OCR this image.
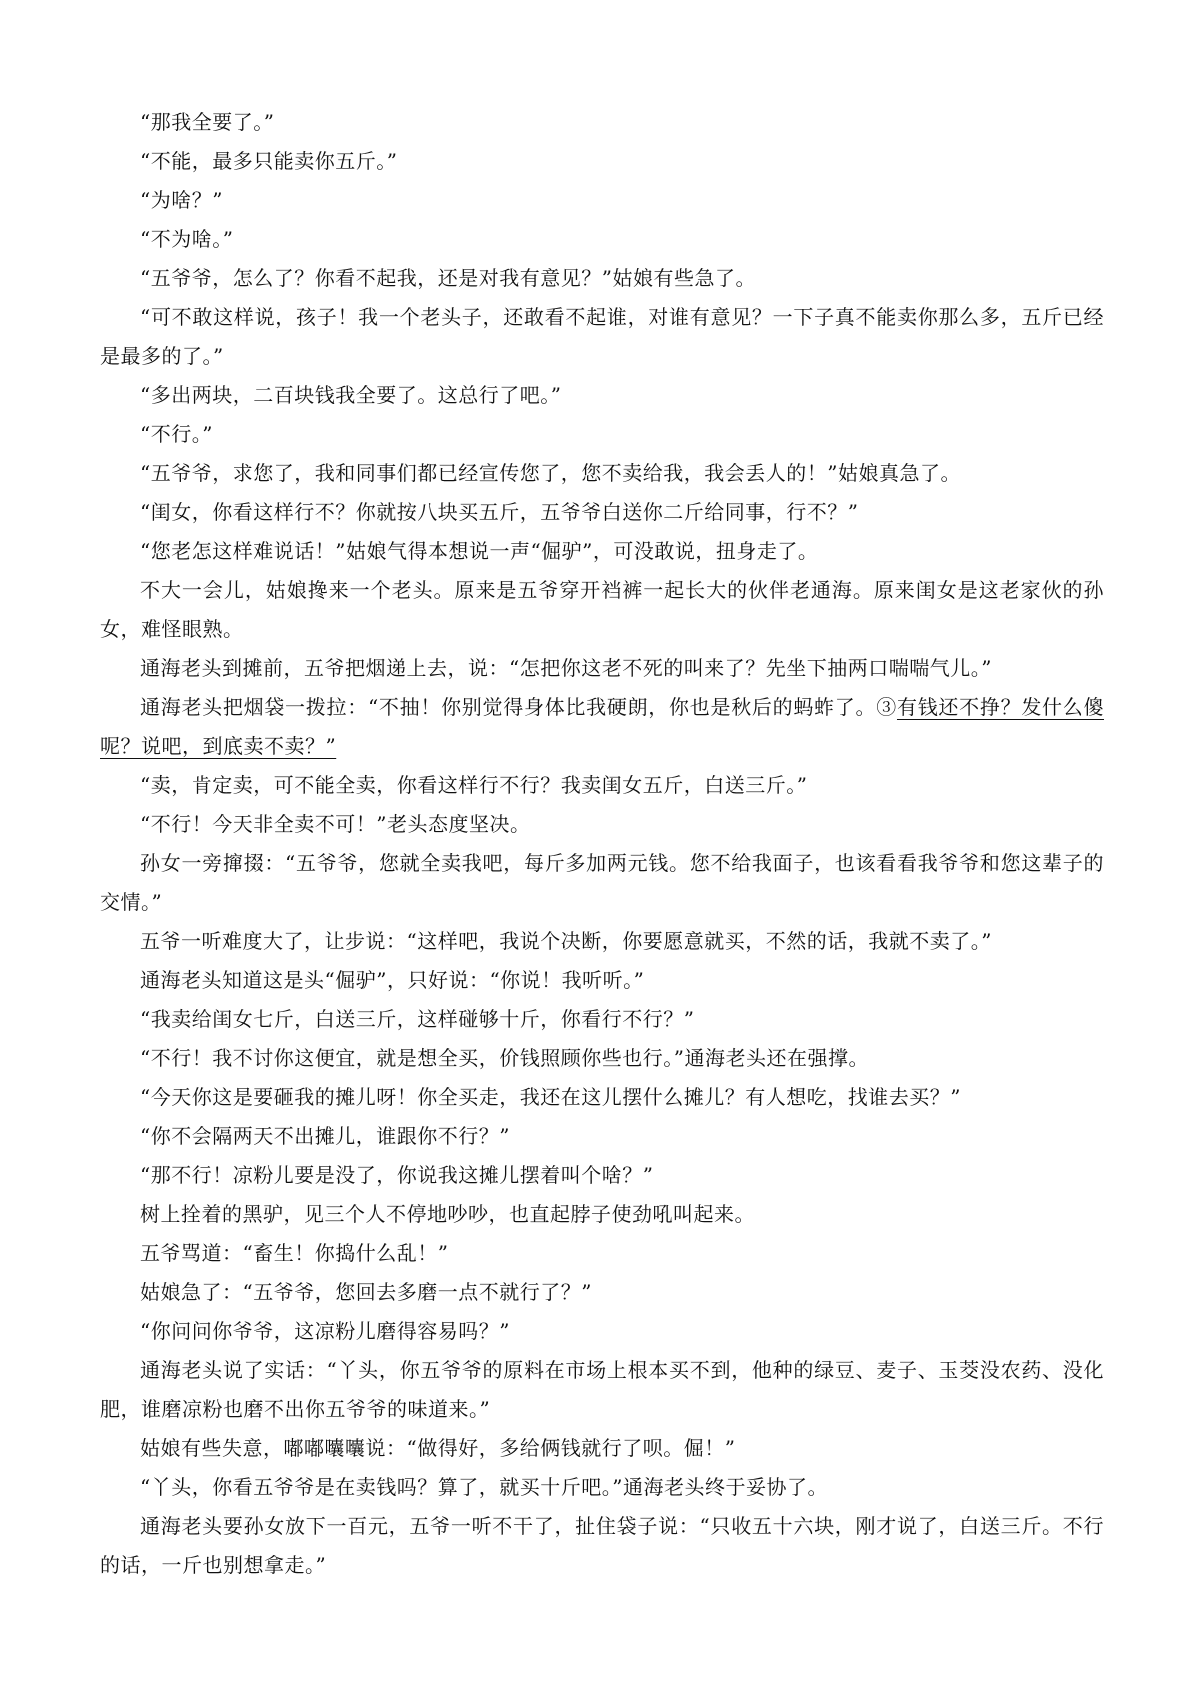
“那我全要了。”

“不能，最多只能卖你五斤。”

“为啥？”

“不为啥。”

“五爷爷，怎么了？你看不起我，还是对我有意见？”姑娘有些急了。

“可不敢这样说，孩子！我一个老头子，还敢看不起谁，对谁有意见？一下子真不能卖你那么多，五斤已经是最多的了。”

“多出两块，二百块钱我全要了。这总行了吧。”

“不行。”

“五爷爷，求您了，我和同事们都已经宣传您了，您不卖给我，我会丢人的！”姑娘真急了。

“闺女，你看这样行不？你就按八块买五斤，五爷爷白送你二斤给同事，行不？”

“您老怎这样难说话！”姑娘气得本想说一声“倔驴”，可没敢说，扭身走了。

不大一会儿，姑娘搀来一个老头。原来是五爷穿开裆裤一起长大的伙伴老通海。原来闺女是这老家伙的孙女，难怪眼熟。

通海老头到摊前，五爷把烟递上去，说：“怎把你这老不死的叫来了？先坐下抽两口喘喘气儿。”

通海老头把烟袋一拨拉：“不抽！你别觉得身体比我硬朗，你也是秋后的蚂蚱了。③有钱还不挣？发什么傻呢？说吧，到底卖不卖？”

“卖，肯定卖，可不能全卖，你看这样行不行？我卖闺女五斤，白送三斤。”

“不行！今天非全卖不可！”老头态度坚决。

孙女一旁撺掇：“五爷爷，您就全卖我吧，每斤多加两元钱。您不给我面子，也该看看我爷爷和您这辈子的交情。”

五爷一听难度大了，让步说：“这样吧，我说个决断，你要愿意就买，不然的话，我就不卖了。”

通海老头知道这是头“倔驴”，只好说：“你说！我听听。”

“我卖给闺女七斤，白送三斤，这样碰够十斤，你看行不行？”

“不行！我不讨你这便宜，就是想全买，价钱照顾你些也行。”通海老头还在强撑。

“今天你这是要砸我的摊儿呀！你全买走，我还在这儿摆什么摊儿？有人想吃，找谁去买？”

“你不会隔两天不出摊儿，谁跟你不行？”

“那不行！凉粉儿要是没了，你说我这摊儿摆着叫个啥？”

树上拴着的黑驴，见三个人不停地吵吵，也直起脖子使劲吼叫起来。

五爷骂道：“畜生！你捣什么乱！”

姑娘急了：“五爷爷，您回去多磨一点不就行了？”

“你问问你爷爷，这凉粉儿磨得容易吗？”

通海老头说了实话：“丫头，你五爷爷的原料在市场上根本买不到，他种的绿豆、麦子、玉茭没农药、没化肥，谁磨凉粉也磨不出你五爷爷的味道来。”

姑娘有些失意，嘟嘟囔囔说：“做得好，多给俩钱就行了呗。倔！”

“丫头，你看五爷爷是在卖钱吗？算了，就买十斤吧。”通海老头终于妥协了。

通海老头要孙女放下一百元，五爷一听不干了，扯住袋子说：“只收五十六块，刚才说了，白送三斤。不行的话，一斤也别想拿走。”
